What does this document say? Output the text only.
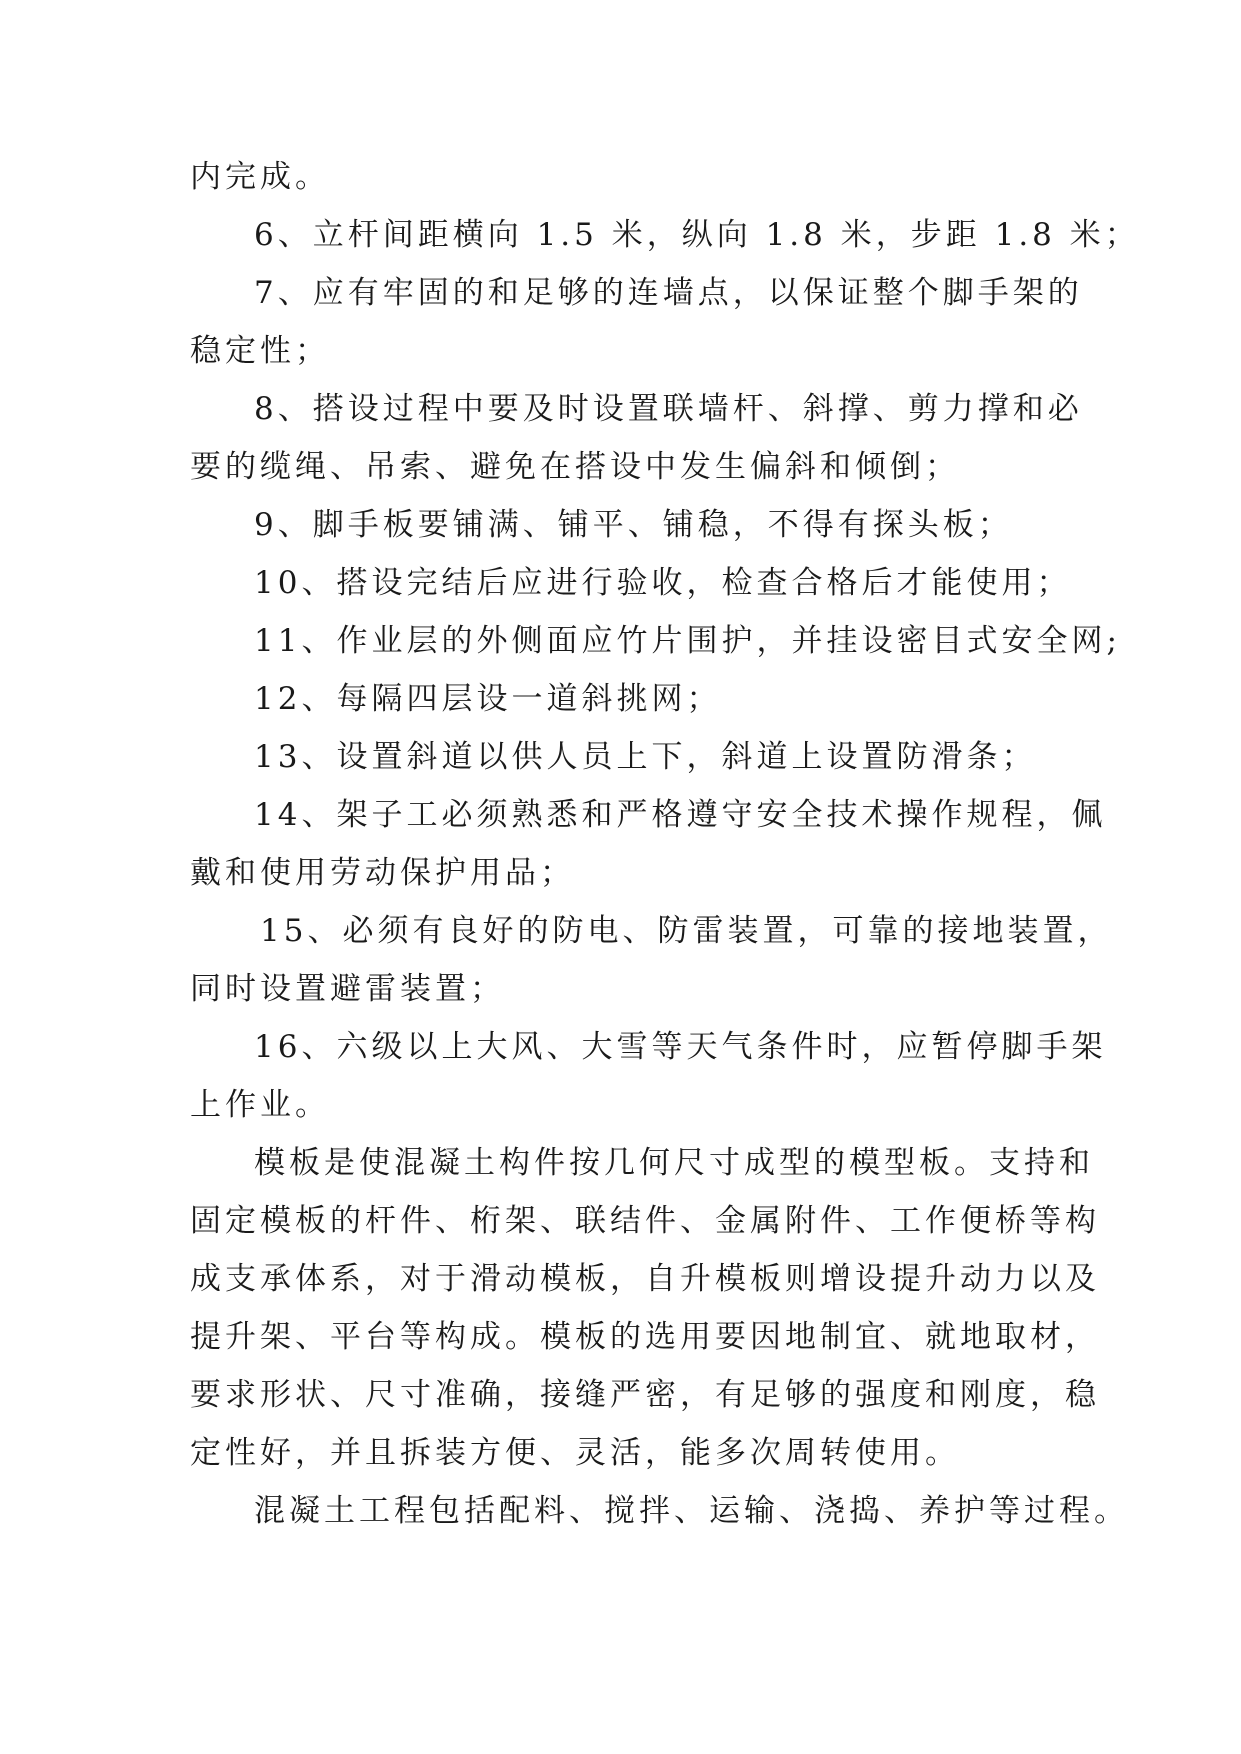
内完成。
6、立杆间距横向 1.5 米，纵向 1.8 米，步距 1.8 米；
7、应有牢固的和足够的连墙点，以保证整个脚手架的
稳定性；
8、搭设过程中要及时设置联墙杆、斜撑、剪力撑和必
要的缆绳、吊索、避免在搭设中发生偏斜和倾倒；
9、脚手板要铺满、铺平、铺稳，不得有探头板；
10、搭设完结后应进行验收，检查合格后才能使用；
11、作业层的外侧面应竹片围护，并挂设密目式安全网;
12、每隔四层设一道斜挑网；
13、设置斜道以供人员上下，斜道上设置防滑条；
14、架子工必须熟悉和严格遵守安全技术操作规程，佩
戴和使用劳动保护用品；
15、必须有良好的防电、防雷装置，可靠的接地装置，
同时设置避雷装置；
16、六级以上大风、大雪等天气条件时，应暂停脚手架
上作业。
模板是使混凝土构件按几何尺寸成型的模型板。支持和
固定模板的杆件、桁架、联结件、金属附件、工作便桥等构
成支承体系，对于滑动模板，自升模板则增设提升动力以及
提升架、平台等构成。模板的选用要因地制宜、就地取材，
要求形状、尺寸准确，接缝严密，有足够的强度和刚度，稳
定性好，并且拆装方便、灵活，能多次周转使用。
混凝土工程包括配料、搅拌、运输、浇捣、养护等过程。
